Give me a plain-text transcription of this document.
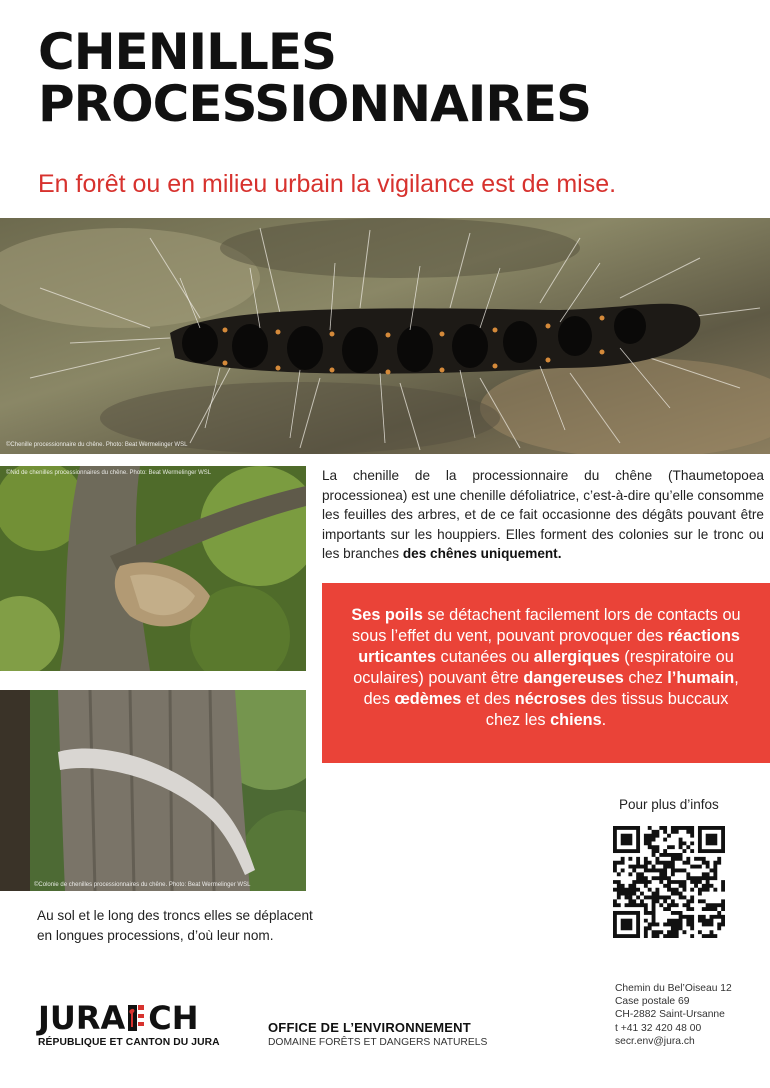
CHENILLES
PROCESSIONNAIRES

En forêt ou en milieu urbain la vigilance est de mise.

©Chenille processionnaire du chêne. Photo: Beat Wermelinger WSL
©Nid de chenilles processionnaires du chêne. Photo: Beat Wermelinger WSL
©Colonie de chenilles processionnaires du chêne. Photo: Beat Wermelinger WSL

La chenille de la processionnaire du chêne (Thaumetopoea processionea) est une chenille défoliatrice, c’est-à-dire qu’elle consomme les feuilles des arbres, et de ce fait occasionne des dégâts pouvant être importants sur les houppiers. Elles forment des colonies sur le tronc ou les branches des chênes uniquement.

Ses poils se détachent facilement lors de contacts ou sous l’effet du vent, pouvant provoquer des réactions urticantes cutanées ou allergiques (respiratoire ou oculaires) pouvant être dangereuses chez l’humain, des œdèmes et des nécroses des tissus buccaux chez les chiens.

Pour plus d’infos

Au sol et le long des troncs elles se déplacent en longues processions, d’où leur nom.

JURA CH
RÉPUBLIQUE ET CANTON DU JURA
OFFICE DE L’ENVIRONNEMENT
DOMAINE FORÊTS ET DANGERS NATURELS
Chemin du Bel’Oiseau 12
Case postale 69
CH-2882 Saint-Ursanne
t +41 32 420 48 00
secr.env@jura.ch
